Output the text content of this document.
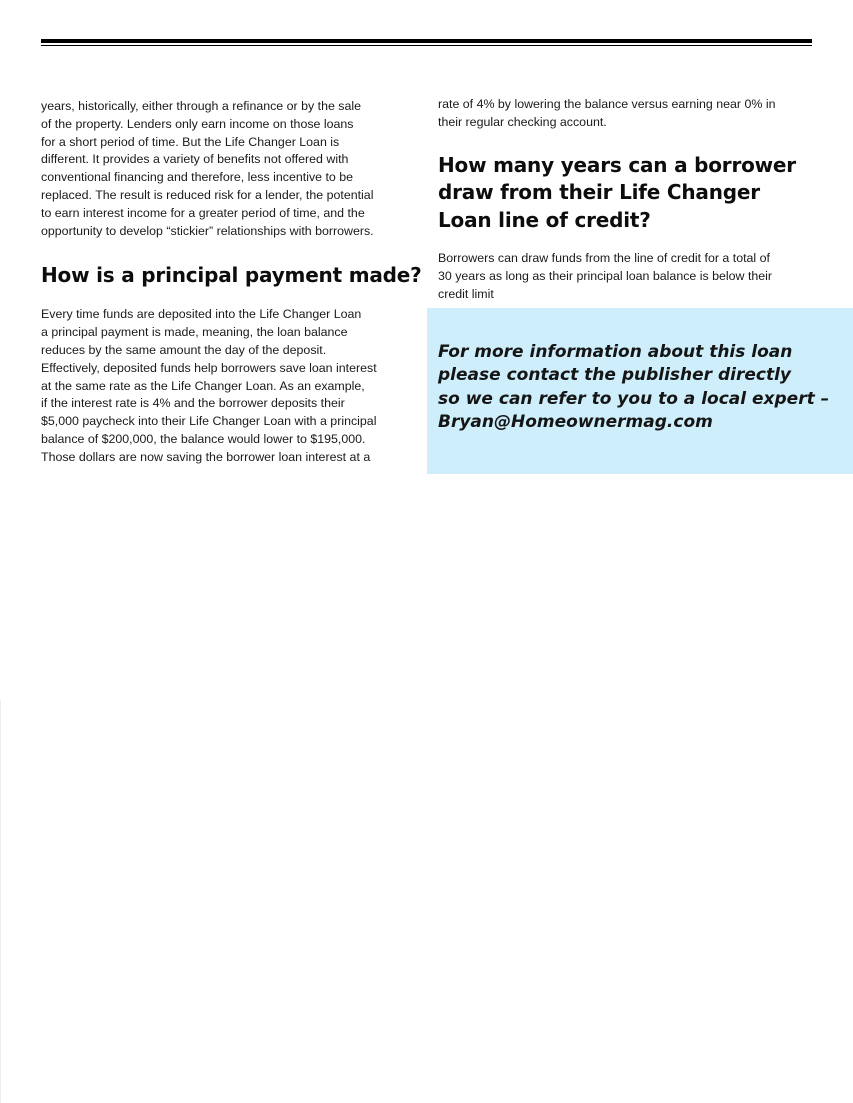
years, historically, either through a refinance or by the sale
of the property. Lenders only earn income on those loans
for a short period of time. But the Life Changer Loan is
different. It provides a variety of benefits not offered with
conventional financing and therefore, less incentive to be
replaced. The result is reduced risk for a lender, the potential
to earn interest income for a greater period of time, and the
opportunity to develop “stickier” relationships with borrowers.

How is a principal payment made?

Every time funds are deposited into the Life Changer Loan
a principal payment is made, meaning, the loan balance
reduces by the same amount the day of the deposit.
Effectively, deposited funds help borrowers save loan interest
at the same rate as the Life Changer Loan. As an example,
if the interest rate is 4% and the borrower deposits their
$5,000 paycheck into their Life Changer Loan with a principal
balance of $200,000, the balance would lower to $195,000.
Those dollars are now saving the borrower loan interest at a

rate of 4% by lowering the balance versus earning near 0% in
their regular checking account.

How many years can a borrower draw from their Life Changer Loan line of credit?

Borrowers can draw funds from the line of credit for a total of
30 years as long as their principal loan balance is below their
credit limit

For more information about this loan
please contact the publisher directly
so we can refer to you to a local expert –
Bryan@Homeownermag.com
